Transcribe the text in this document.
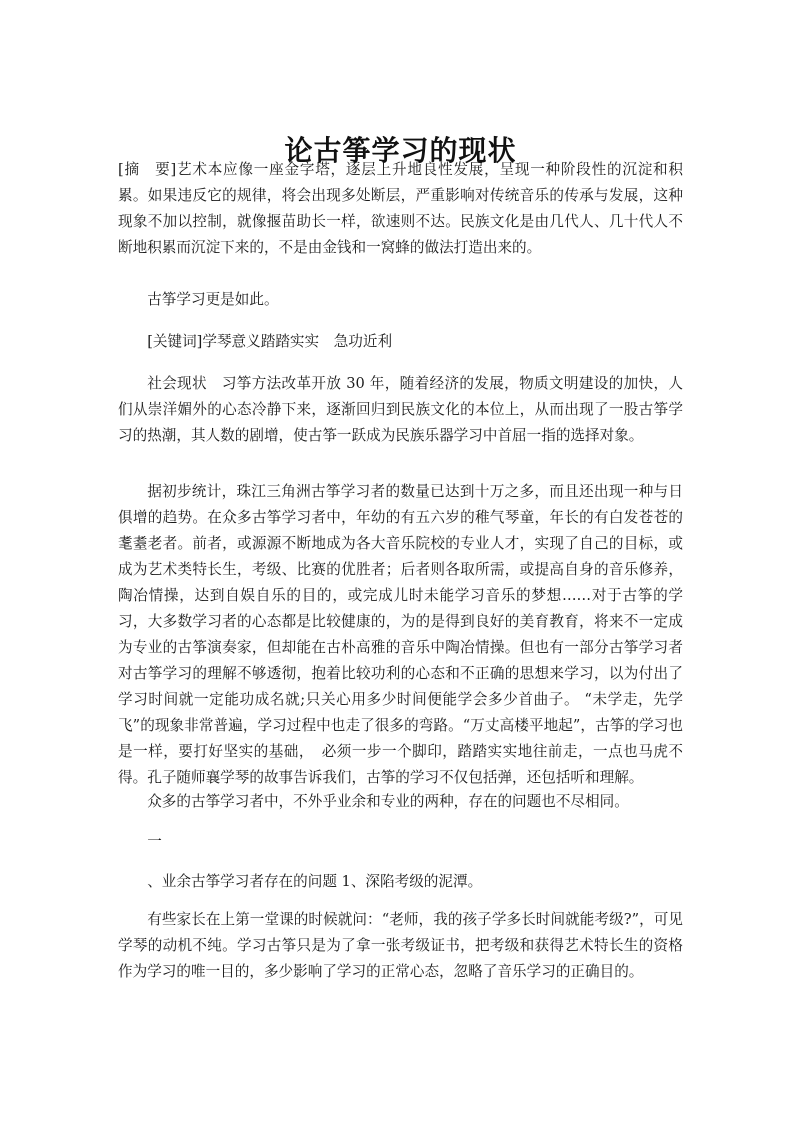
论古筝学习的现状

[摘　要]艺术本应像一座金字塔，逐层上升地良性发展，呈现一种阶段性的沉淀和积累。如果违反它的规律，将会出现多处断层，严重影响对传统音乐的传承与发展，这种现象不加以控制，就像揠苗助长一样，欲速则不达。民族文化是由几代人、几十代人不断地积累而沉淀下来的，不是由金钱和一窝蜂的做法打造出来的。

古筝学习更是如此。

[关键词]学琴意义踏踏实实　急功近利

社会现状　习筝方法改革开放 30 年，随着经济的发展，物质文明建设的加快，人们从崇洋媚外的心态冷静下来，逐渐回归到民族文化的本位上，从而出现了一股古筝学习的热潮，其人数的剧增，使古筝一跃成为民族乐器学习中首屈一指的选择对象。

据初步统计，珠江三角洲古筝学习者的数量已达到十万之多，而且还出现一种与日俱增的趋势。在众多古筝学习者中，年幼的有五六岁的稚气琴童，年长的有白发苍苍的耄耋老者。前者，或源源不断地成为各大音乐院校的专业人才，实现了自己的目标，或成为艺术类特长生，考级、比赛的优胜者；后者则各取所需，或提高自身的音乐修养，陶冶情操，达到自娱自乐的目的，或完成儿时未能学习音乐的梦想……对于古筝的学习，大多数学习者的心态都是比较健康的，为的是得到良好的美育教育，将来不一定成为专业的古筝演奏家，但却能在古朴高雅的音乐中陶冶情操。但也有一部分古筝学习者对古筝学习的理解不够透彻，抱着比较功利的心态和不正确的思想来学习，以为付出了学习时间就一定能功成名就;只关心用多少时间便能学会多少首曲子。 “未学走，先学飞”的现象非常普遍，学习过程中也走了很多的弯路。“万丈高楼平地起”，古筝的学习也是一样，要打好坚实的基础，　必须一步一个脚印，踏踏实实地往前走，一点也马虎不得。孔子随师襄学琴的故事告诉我们，古筝的学习不仅包括弹，还包括听和理解。

众多的古筝学习者中，不外乎业余和专业的两种，存在的问题也不尽相同。

一

、业余古筝学习者存在的问题 1、深陷考级的泥潭。

有些家长在上第一堂课的时候就问：“老师，我的孩子学多长时间就能考级?”，可见学琴的动机不纯。学习古筝只是为了拿一张考级证书，把考级和获得艺术特长生的资格作为学习的唯一目的，多少影响了学习的正常心态，忽略了音乐学习的正确目的。
